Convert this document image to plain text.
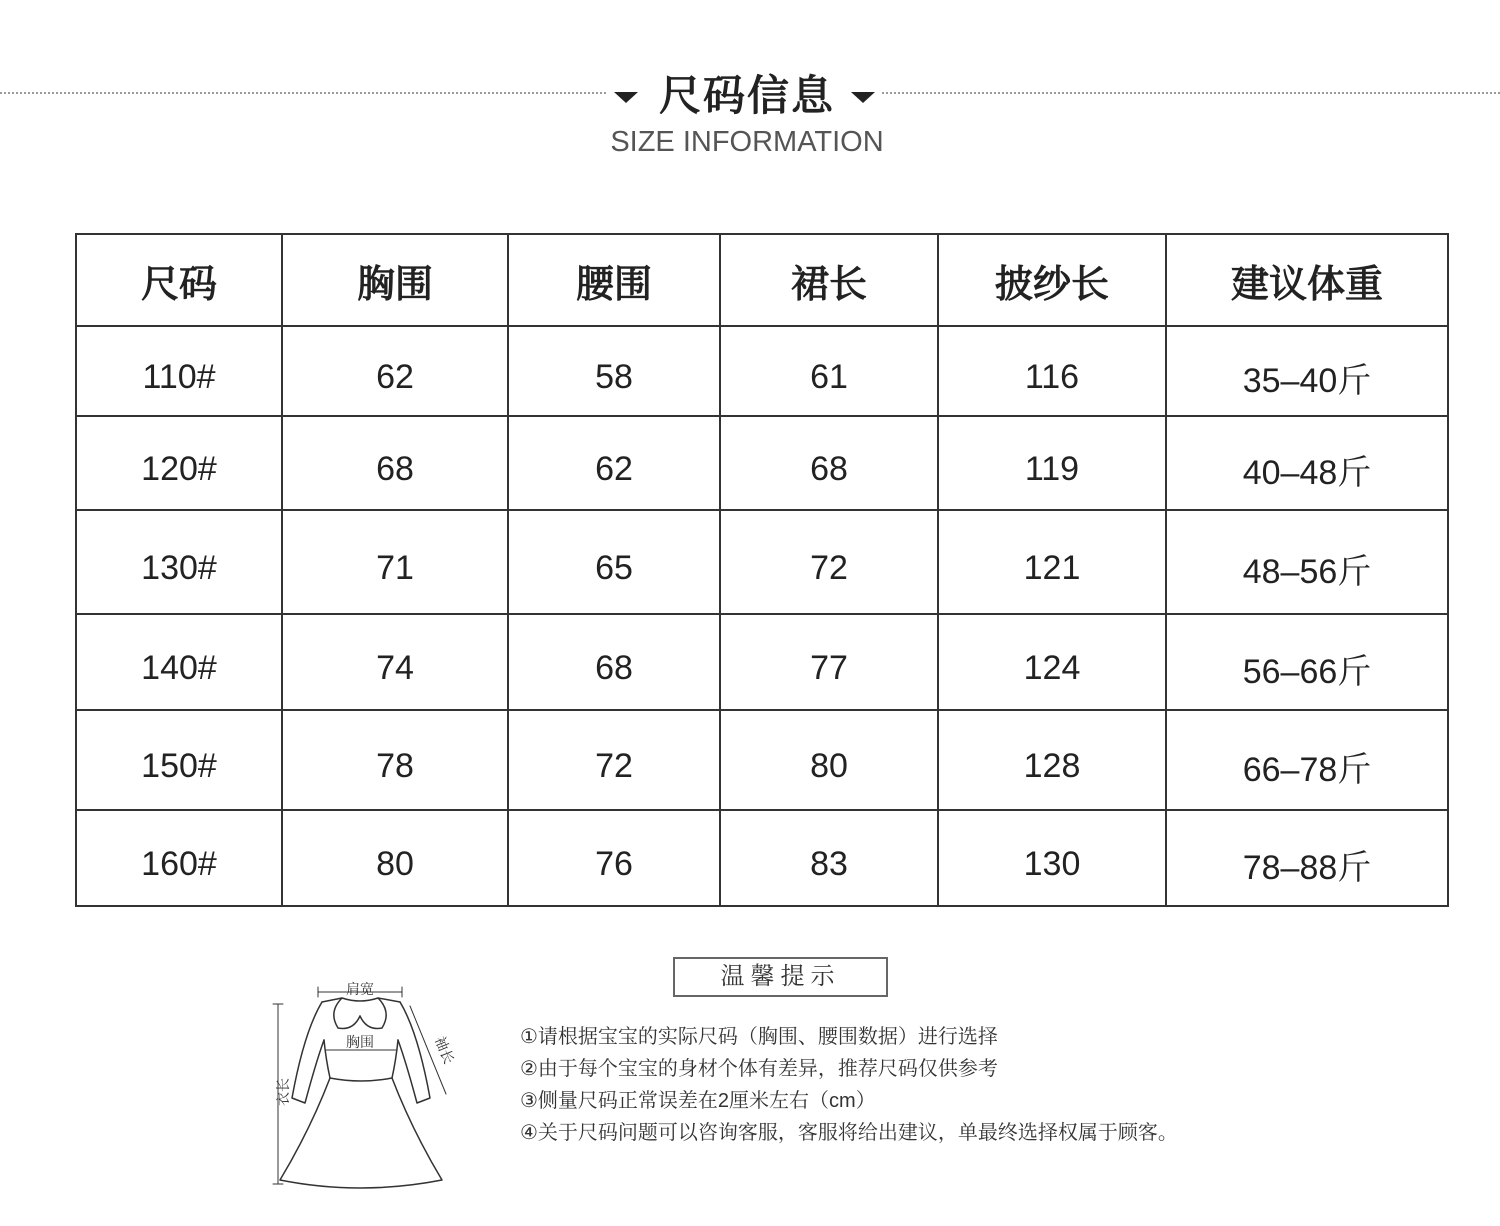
尺码信息
SIZE INFORMATION
尺码	胸围	腰围	裙长	披纱长	建议体重
110#	62	58	61	116	35–40斤
120#	68	62	68	119	40–48斤
130#	71	65	72	121	48–56斤
140#	74	68	77	124	56–66斤
150#	78	72	80	128	66–78斤
160#	80	76	83	130	78–88斤
肩宽
胸围	袖长
衣长
温馨提示
①请根据宝宝的实际尺码（胸围、腰围数据）进行选择
②由于每个宝宝的身材个体有差异，推荐尺码仅供参考
③侧量尺码正常误差在2厘米左右（cm）
④关于尺码问题可以咨询客服，客服将给出建议，单最终选择权属于顾客。
